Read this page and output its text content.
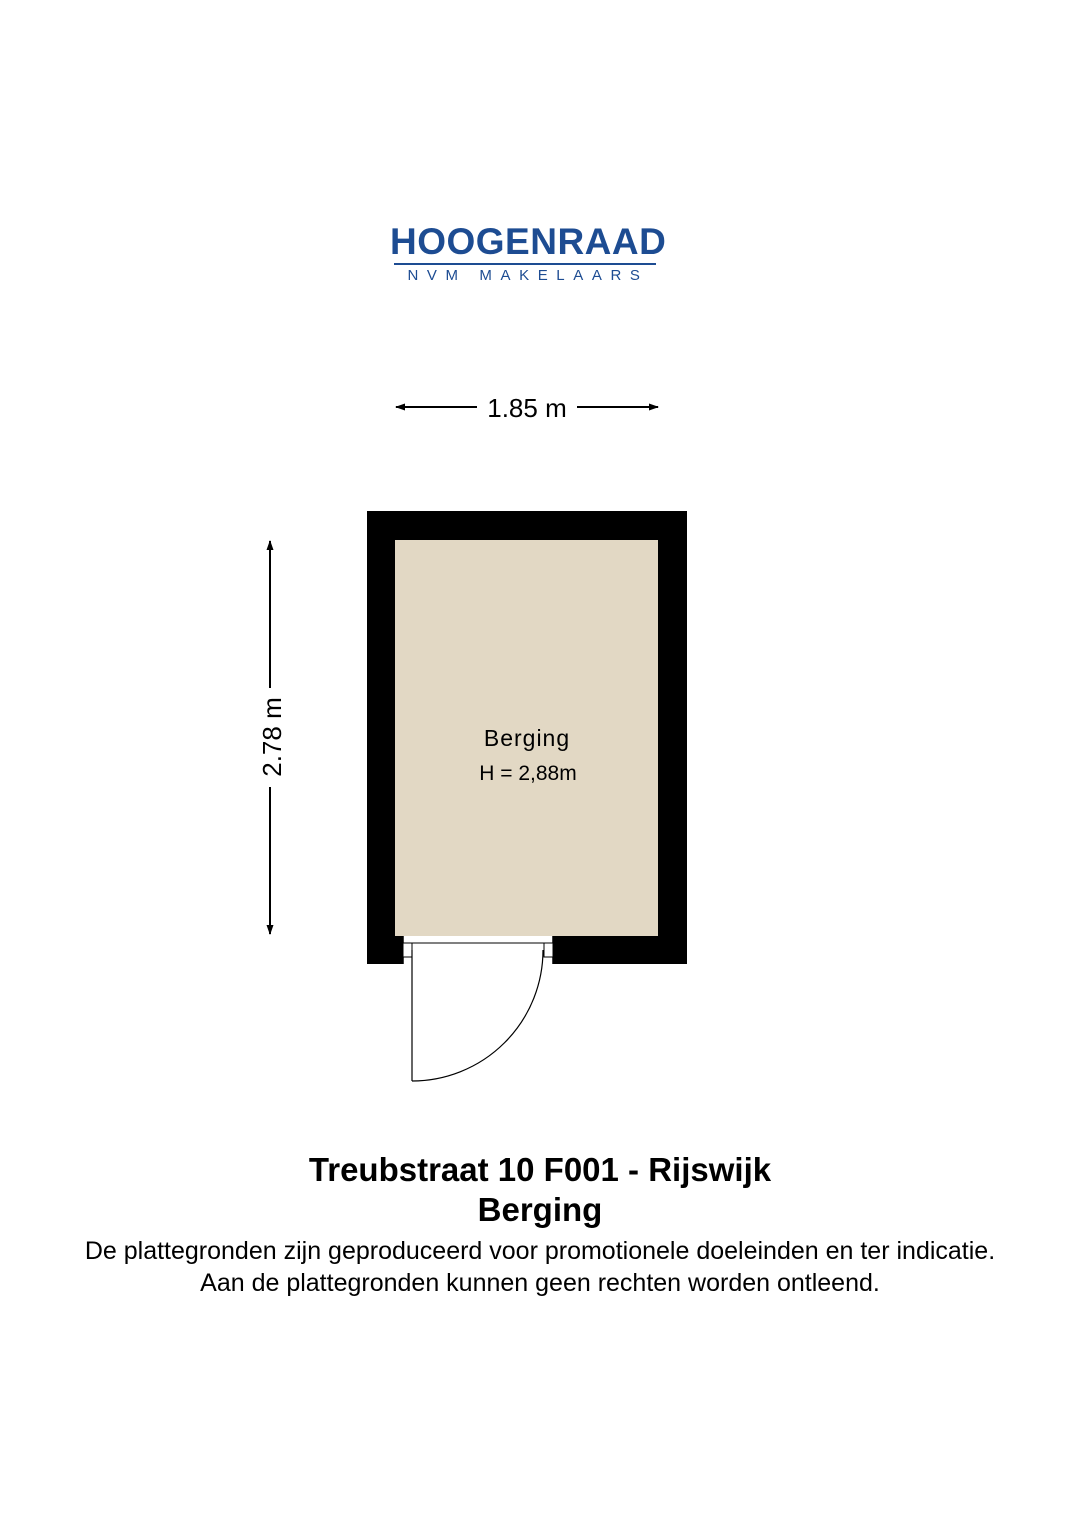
HOOGENRAAD
NVM MAKELAARS
1.85 m
2.78 m	Berging
H = 2,88m
Treubstraat 10 F001 - Rijswijk
Berging
De plattegronden zijn geproduceerd voor promotionele doeleinden en ter indicatie.
Aan de plattegronden kunnen geen rechten worden ontleend.
